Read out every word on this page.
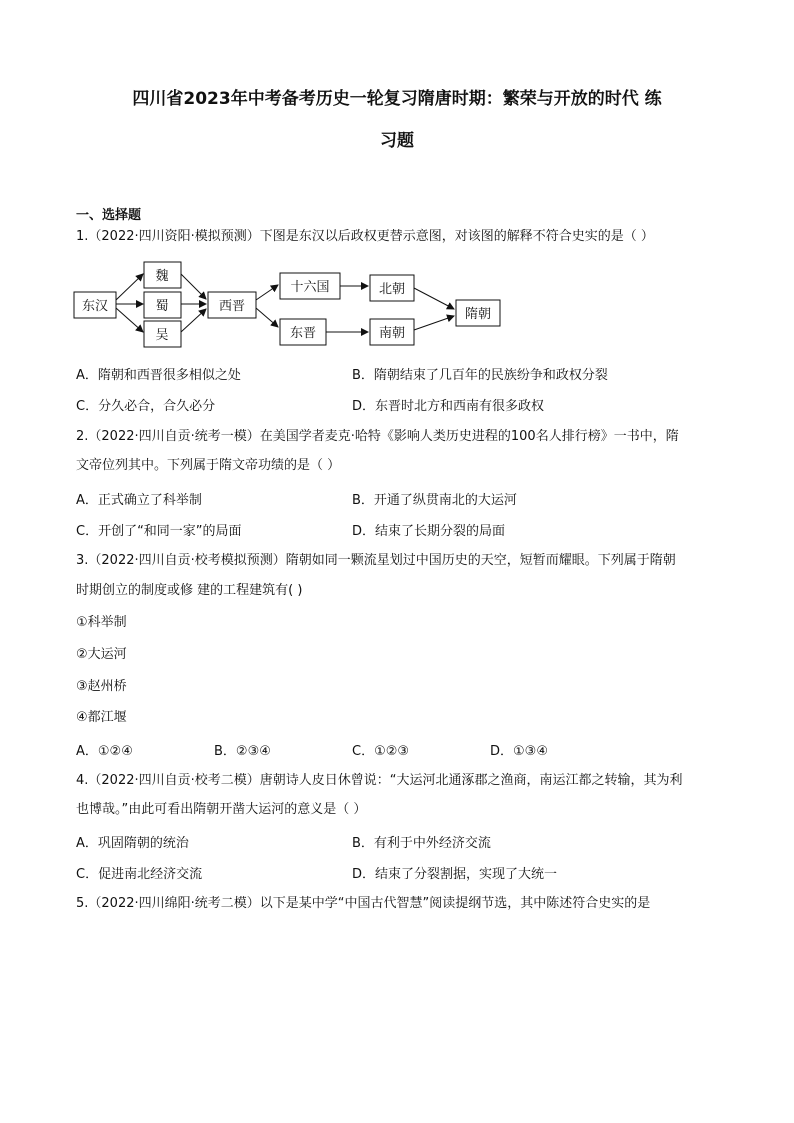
四川省2023年中考备考历史一轮复习隋唐时期：繁荣与开放的时代 练
习题
一、选择题
1.（2022·四川资阳·模拟预测）下图是东汉以后政权更替示意图，对该图的解释不符合史实的是（ ）
东汉
魏
蜀
吴
西晋
十六国
东晋
北朝
南朝
隋朝
A．隋朝和西晋很多相似之处	B．隋朝结束了几百年的民族纷争和政权分裂
C．分久必合，合久必分	D．东晋时北方和西南有很多政权
2.（2022·四川自贡·统考一模）在美国学者麦克·哈特《影响人类历史进程的100名人排行榜》一书中，隋
文帝位列其中。下列属于隋文帝功绩的是（ ）
A．正式确立了科举制	B．开通了纵贯南北的大运河
C．开创了“和同一家”的局面	D．结束了长期分裂的局面
3.（2022·四川自贡·校考模拟预测）隋朝如同一颗流星划过中国历史的天空，短暂而耀眼。下列属于隋朝
时期创立的制度或修 建的工程建筑有( )
①科举制
②大运河
③赵州桥
④都江堰
A．①②④	B．②③④	C．①②③	D．①③④
4.（2022·四川自贡·校考二模）唐朝诗人皮日休曾说：“大运河北通涿郡之渔商，南运江都之转输，其为利
也博哉。”由此可看出隋朝开凿大运河的意义是（ ）
A．巩固隋朝的统治	B．有利于中外经济交流
C．促进南北经济交流	D．结束了分裂割据，实现了大统一
5.（2022·四川绵阳·统考二模）以下是某中学“中国古代智慧”阅读提纲节选，其中陈述符合史实的是
